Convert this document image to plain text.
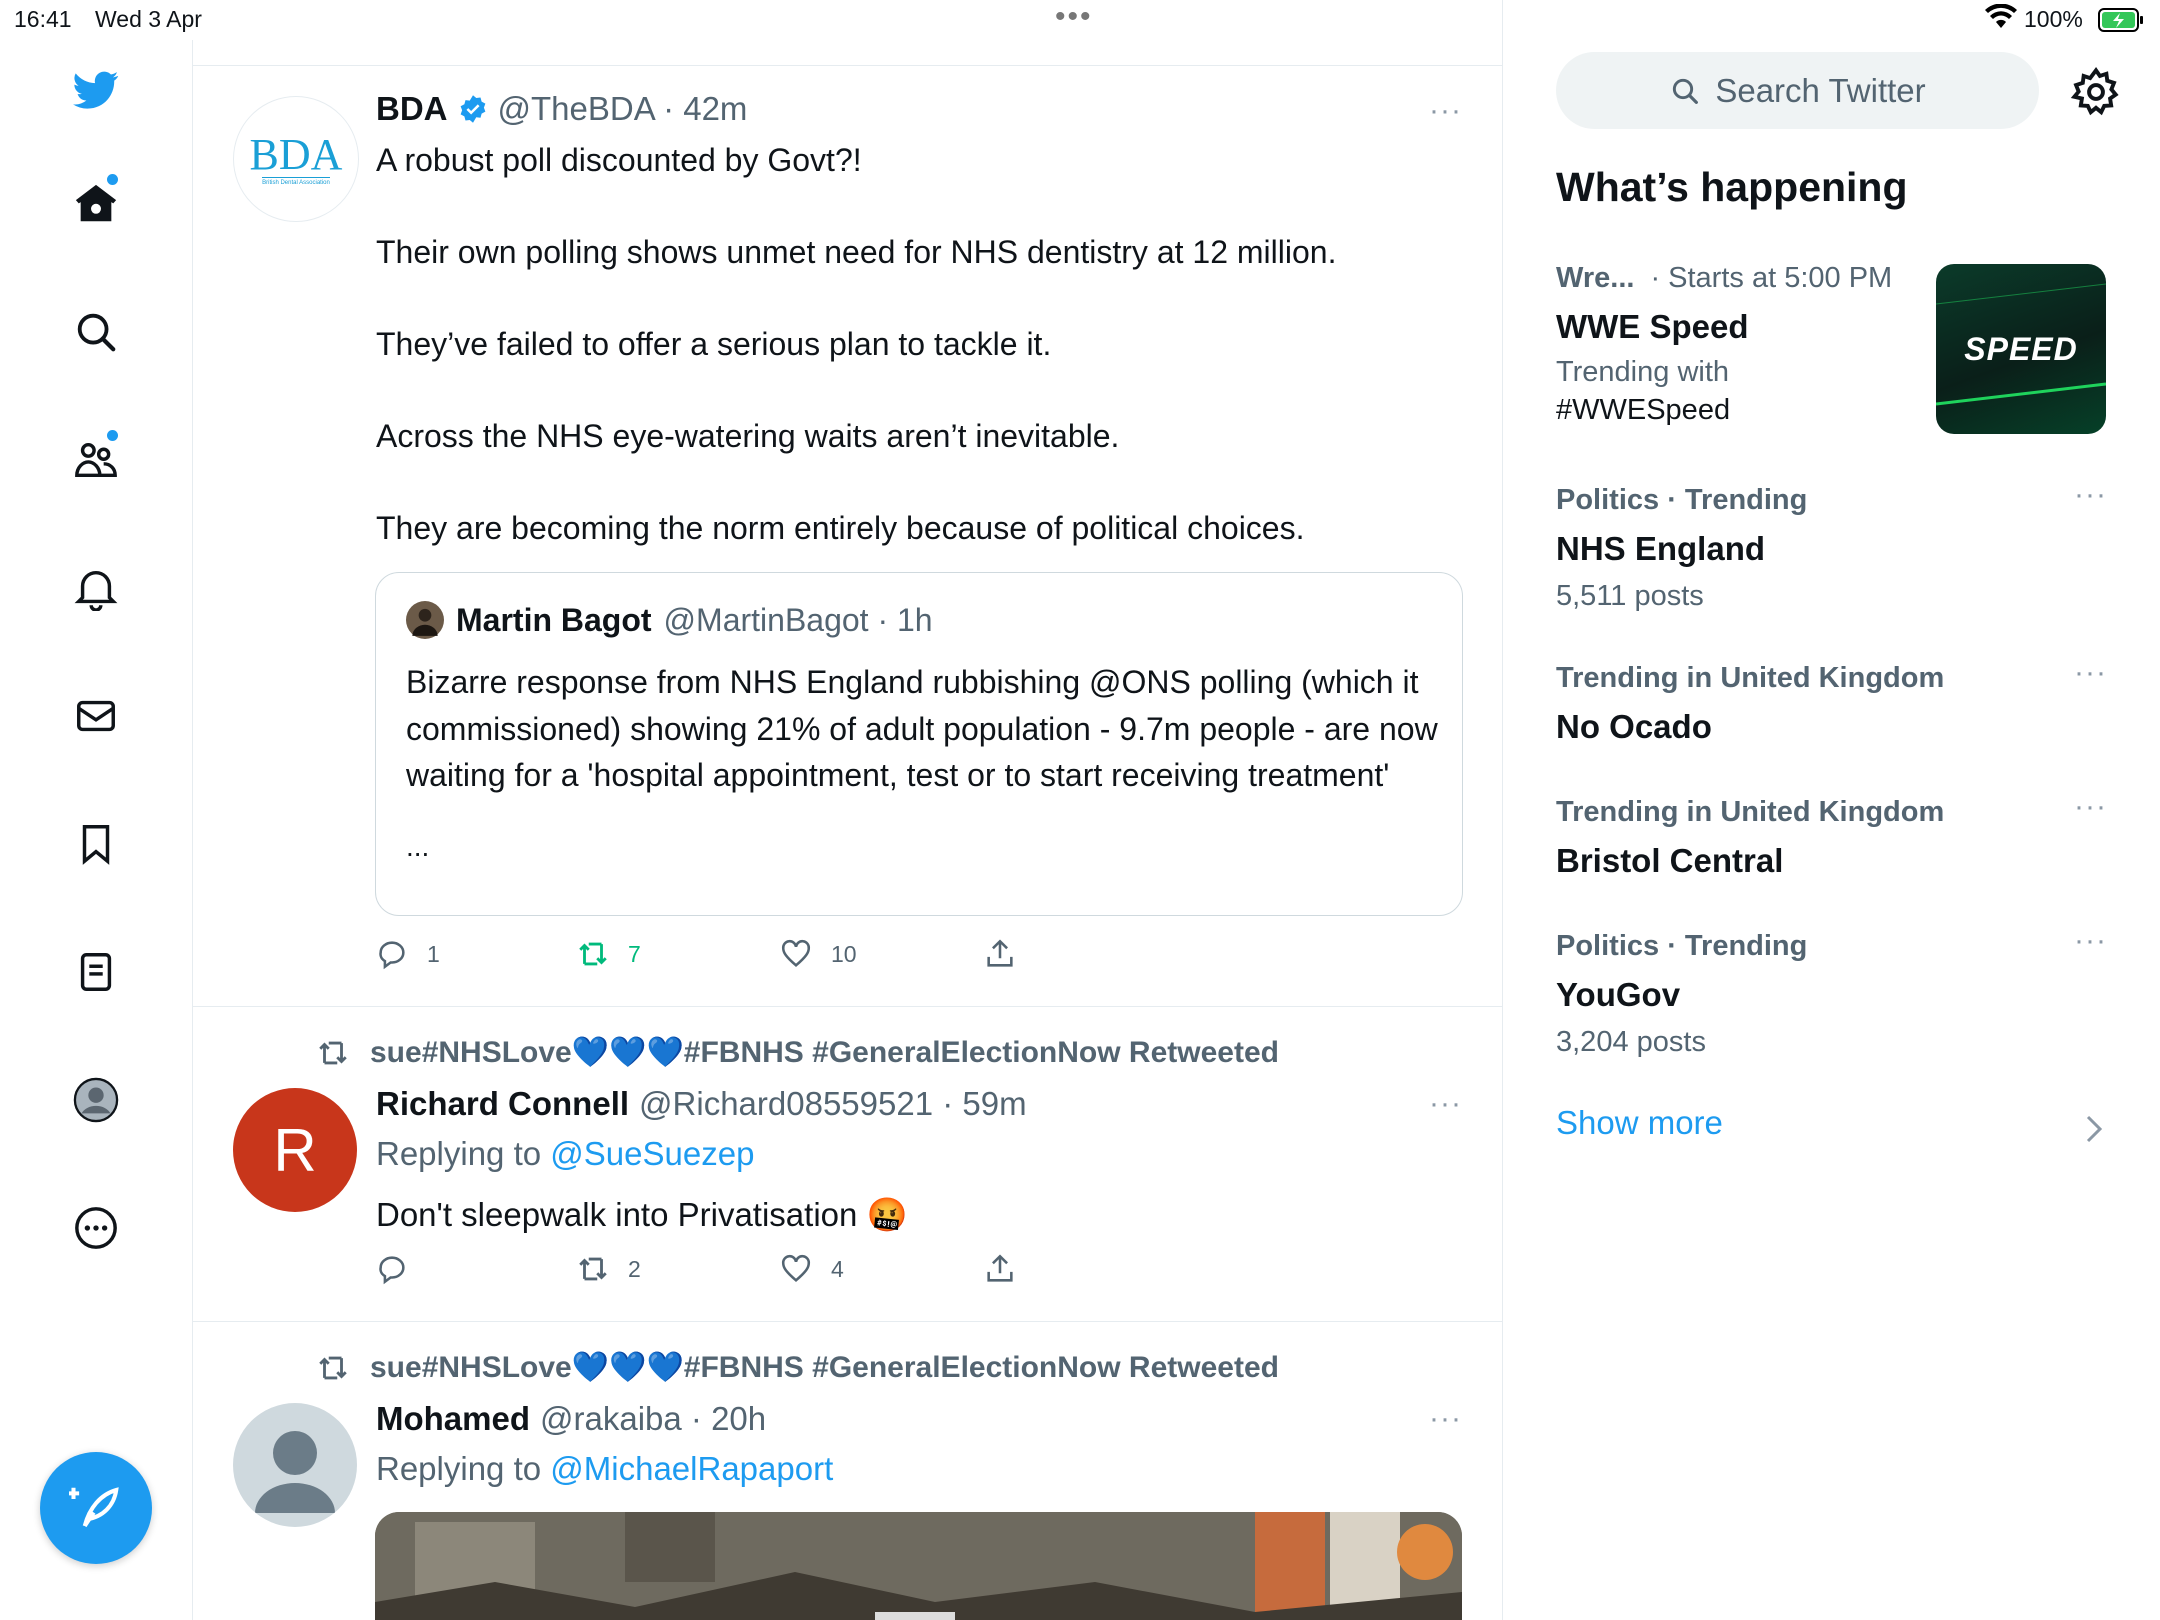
16:41 Wed 3 Apr	•••	100%
BDA
British Dental Association
BDA @TheBDA · 42m	···
A robust poll discounted by Govt?!

Their own polling shows unmet need for NHS dentistry at 12 million.

They’ve failed to offer a serious plan to tackle it.

Across the NHS eye-watering waits aren’t inevitable.

They are becoming the norm entirely because of political choices.
Martin Bagot @MartinBagot · 1h
Bizarre response from NHS England rubbishing @ONS polling (which it commissioned) showing 21% of adult population - 9.7m people - are now waiting for a 'hospital appointment, test or to start receiving treatment'
...
1	7	10
sue#NHSLove💙💙💙#FBNHS #GeneralElectionNow Retweeted
R
Richard Connell @Richard08559521 · 59m	···
Replying to @SueSuezep
Don't sleepwalk into Privatisation 🤬
2	4
sue#NHSLove💙💙💙#FBNHS #GeneralElectionNow Retweeted
Mohamed @rakaiba · 20h	···
Replying to @MichaelRapaport
Search Twitter
What’s happening
Wre... · Starts at 5:00 PM
WWE Speed
Trending with
#WWESpeed
SPEED
Politics · Trending
NHS England
5,511 posts
···
Trending in United Kingdom
No Ocado
···
Trending in United Kingdom
Bristol Central
···
Politics · Trending
YouGov
3,204 posts
···
Show more
